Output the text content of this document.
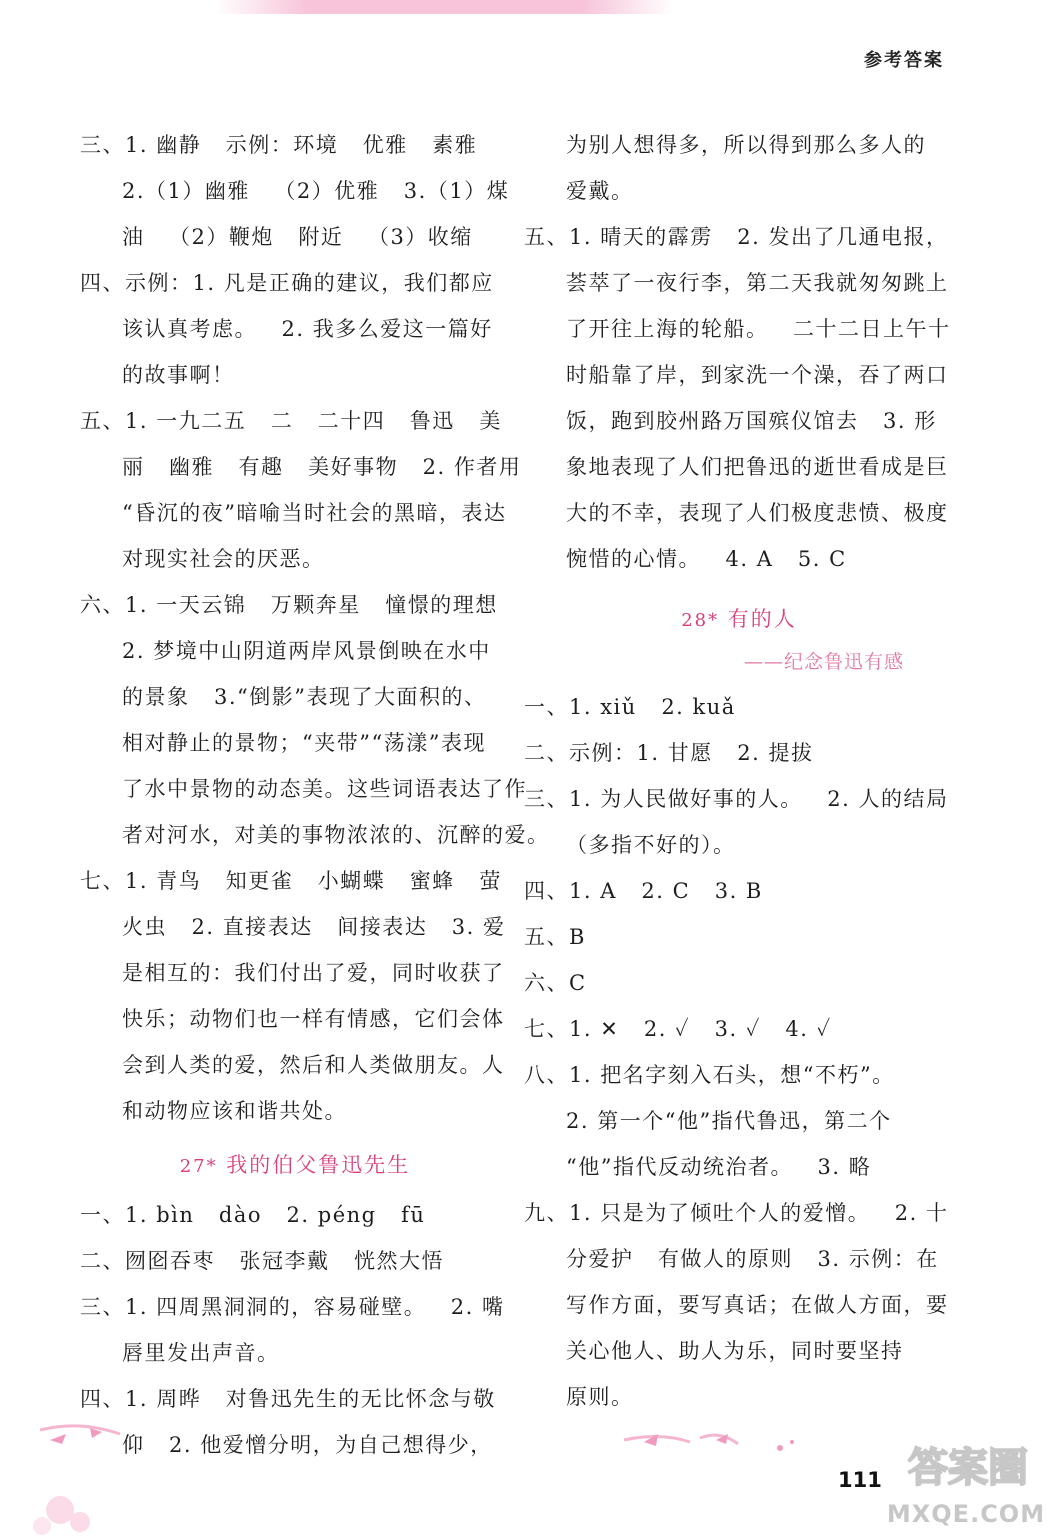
参考答案
三、1. 幽静   示例：环境   优雅   素雅
2.（1）幽雅   （2）优雅   3.（1）煤
油   （2）鞭炮   附近   （3）收缩
四、示例：1. 凡是正确的建议，我们都应
该认真考虑。   2. 我多么爱这一篇好
的故事啊！
五、1. 一九二五   二   二十四   鲁迅   美
丽   幽雅   有趣   美好事物   2. 作者用
“昏沉的夜”暗喻当时社会的黑暗，表达
对现实社会的厌恶。
六、1. 一天云锦   万颗奔星   憧憬的理想
2. 梦境中山阴道两岸风景倒映在水中
的景象   3.“倒影”表现了大面积的、
相对静止的景物；“夹带”“荡漾”表现
了水中景物的动态美。这些词语表达了作
者对河水，对美的事物浓浓的、沉醉的爱。
七、1. 青鸟   知更雀   小蝴蝶   蜜蜂   萤
火虫   2. 直接表达   间接表达   3. 爱
是相互的：我们付出了爱，同时收获了
快乐；动物们也一样有情感，它们会体
会到人类的爱，然后和人类做朋友。人
和动物应该和谐共处。
27* 我的伯父鲁迅先生
一、1. bìn   dào   2. péng   fū
二、囫囵吞枣   张冠李戴   恍然大悟
三、1. 四周黑洞洞的，容易碰壁。   2. 嘴
唇里发出声音。
四、1. 周晔   对鲁迅先生的无比怀念与敬
仰   2. 他爱憎分明，为自己想得少，
为别人想得多，所以得到那么多人的
爱戴。
五、1. 晴天的霹雳   2. 发出了几通电报，
荟萃了一夜行李，第二天我就匆匆跳上
了开往上海的轮船。   二十二日上午十
时船靠了岸，到家洗一个澡，吞了两口
饭，跑到胶州路万国殡仪馆去   3. 形
象地表现了人们把鲁迅的逝世看成是巨
大的不幸，表现了人们极度悲愤、极度
惋惜的心情。   4. A   5. C
28* 有的人
——纪念鲁迅有感
一、1. xiǔ   2. kuǎ
二、示例：1. 甘愿   2. 提拔
三、1. 为人民做好事的人。   2. 人的结局
（多指不好的）。
四、1. A   2. C   3. B
五、B
六、C
七、1. ✕   2. ✓   3. ✓   4. ✓
八、1. 把名字刻入石头，想“不朽”。
2. 第一个“他”指代鲁迅，第二个
“他”指代反动统治者。   3. 略
九、1. 只是为了倾吐个人的爱憎。   2. 十
分爱护   有做人的原则   3. 示例：在
写作方面，要写真话；在做人方面，要
关心他人、助人为乐，同时要坚持
原则。
111 答案圈
MXQE.COM
